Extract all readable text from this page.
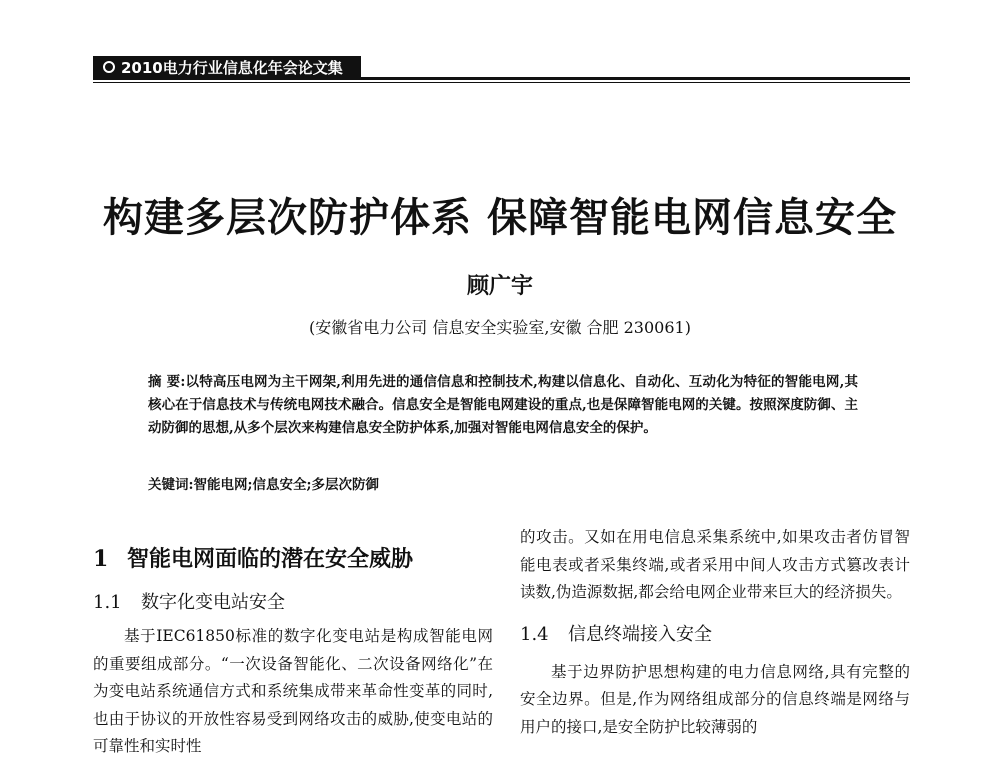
2010电力行业信息化年会论文集
构建多层次防护体系 保障智能电网信息安全
顾广宇
(安徽省电力公司 信息安全实验室,安徽 合肥 230061)
摘 要:以特高压电网为主干网架,利用先进的通信信息和控制技术,构建以信息化、自动化、互动化为特征的智能电网,其核心在于信息技术与传统电网技术融合。信息安全是智能电网建设的重点,也是保障智能电网的关键。按照深度防御、主动防御的思想,从多个层次来构建信息安全防护体系,加强对智能电网信息安全的保护。
关键词:智能电网;信息安全;多层次防御
1 智能电网面临的潜在安全威胁
1.1 数字化变电站安全

基于IEC61850标准的数字化变电站是构成智能电网的重要组成部分。“一次设备智能化、二次设备网络化”在为变电站系统通信方式和系统集成带来革命性变革的同时,也由于协议的开放性容易受到网络攻击的威胁,使变电站的可靠性和实时性

的攻击。又如在用电信息采集系统中,如果攻击者仿冒智能电表或者采集终端,或者采用中间人攻击方式篡改表计读数,伪造源数据,都会给电网企业带来巨大的经济损失。

1.4 信息终端接入安全

基于边界防护思想构建的电力信息网络,具有完整的安全边界。但是,作为网络组成部分的信息终端是网络与用户的接口,是安全防护比较薄弱的
